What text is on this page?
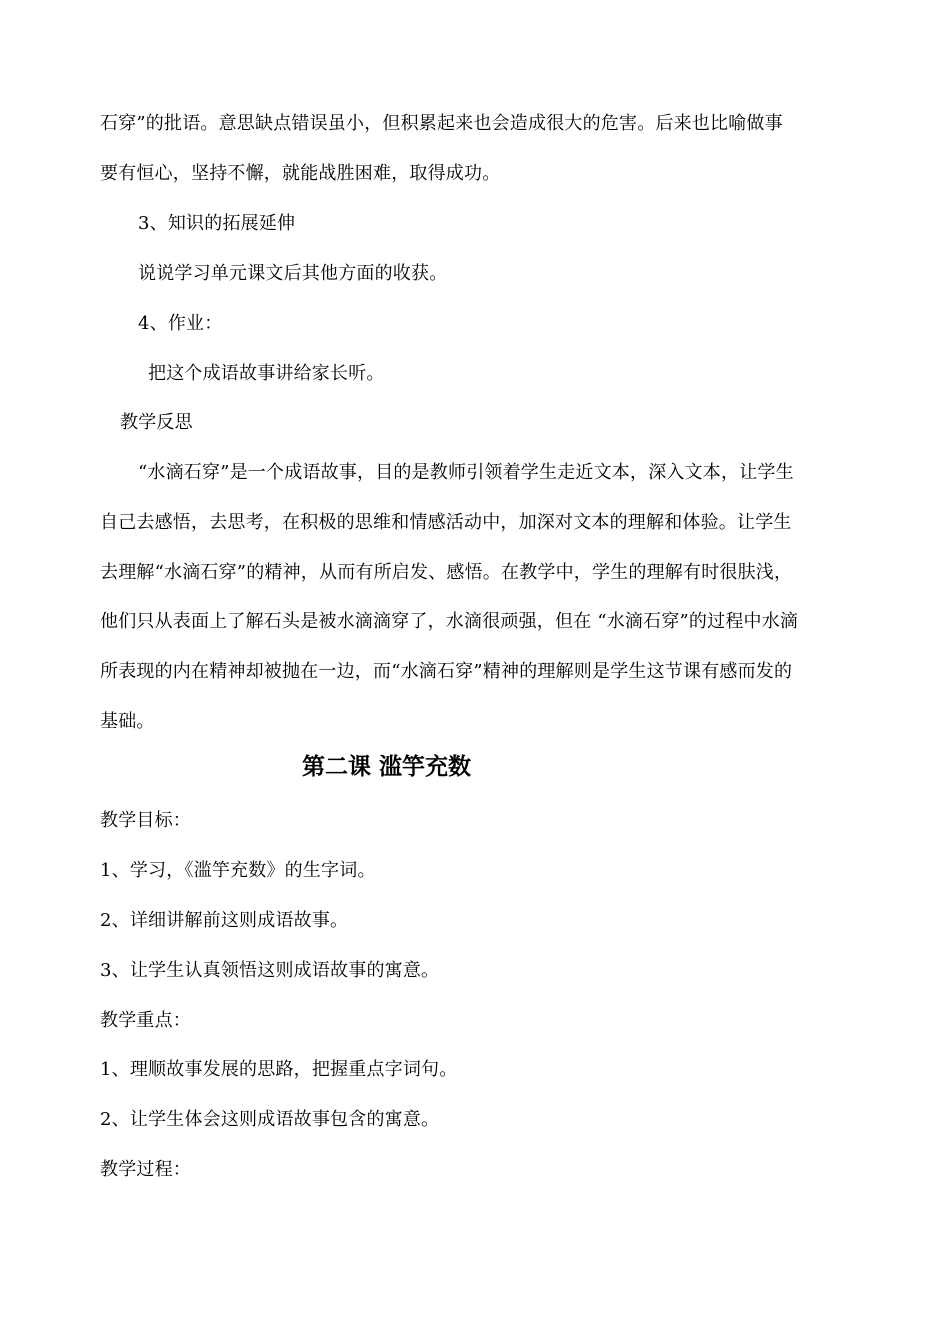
石穿”的批语。意思缺点错误虽小，但积累起来也会造成很大的危害。后来也比喻做事
要有恒心，坚持不懈，就能战胜困难，取得成功。
3、知识的拓展延伸
说说学习单元课文后其他方面的收获。
4、作业：
把这个成语故事讲给家长听。
教学反思
“水滴石穿”是一个成语故事，目的是教师引领着学生走近文本，深入文本，让学生
自己去感悟，去思考，在积极的思维和情感活动中，加深对文本的理解和体验。让学生
去理解“水滴石穿”的精神，从而有所启发、感悟。在教学中，学生的理解有时很肤浅，
他们只从表面上了解石头是被水滴滴穿了，水滴很顽强，但在 “水滴石穿”的过程中水滴
所表现的内在精神却被抛在一边，而“水滴石穿”精神的理解则是学生这节课有感而发的
基础。
第二课 滥竽充数
教学目标：
1、学习，《滥竽充数》的生字词。
2、详细讲解前这则成语故事。
3、让学生认真领悟这则成语故事的寓意。
教学重点：
1、理顺故事发展的思路，把握重点字词句。
2、让学生体会这则成语故事包含的寓意。
教学过程：
